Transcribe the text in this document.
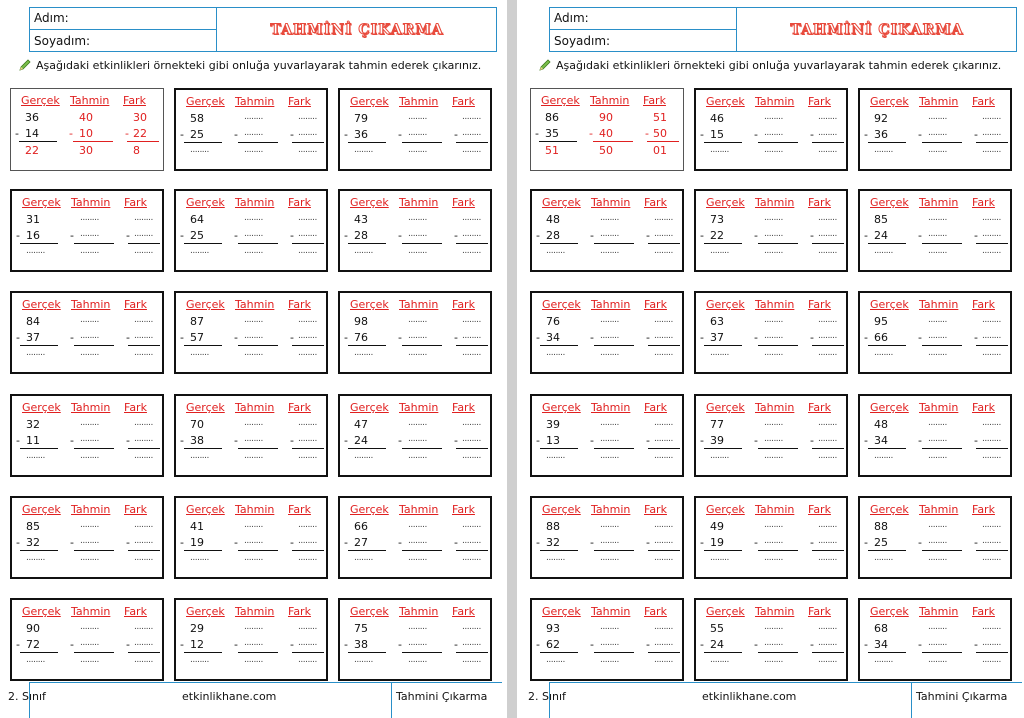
Adım:
Soyadım:
TAHMİNİ ÇIKARMA
Aşağıdaki etkinlikleri örnekteki gibi onluğa yuvarlayarak tahmin ederek çıkarınız.
Gerçek Tahmin Fark
36	40	30
- 14	- 10	- 22
22	30	8
Gerçek Tahmin Fark
58	........	........
- 25	- ........ - ........
........	........	........
Gerçek Tahmin Fark
79	........	........
- 36	- ........ - ........
........	........	........
Gerçek Tahmin Fark
31	........	........
- 16	- ........ - ........
........	........	........
Gerçek Tahmin Fark
64	........	........
- 25	- ........ - ........
........	........	........
Gerçek Tahmin Fark
43	........	........
- 28	- ........ - ........
........	........	........
Gerçek Tahmin Fark
84	........	........
- 37	- ........ - ........
........	........	........
Gerçek Tahmin Fark
87	........	........
- 57	- ........ - ........
........	........	........
Gerçek Tahmin Fark
98	........	........
- 76	- ........ - ........
........	........	........
Gerçek Tahmin Fark
32	........	........
- 11	- ........ - ........
........	........	........
Gerçek Tahmin Fark
70	........	........
- 38	- ........ - ........
........	........	........
Gerçek Tahmin Fark
47	........	........
- 24	- ........ - ........
........	........	........
Gerçek Tahmin Fark
85	........	........
- 32	- ........ - ........
........	........	........
Gerçek Tahmin Fark
41	........	........
- 19	- ........ - ........
........	........	........
Gerçek Tahmin Fark
66	........	........
- 27	- ........ - ........
........	........	........
Gerçek Tahmin Fark
90	........	........
- 72	- ........ - ........
........	........	........
Gerçek Tahmin Fark
29	........	........
- 12	- ........ - ........
........	........	........
Gerçek Tahmin Fark
75	........	........
- 38	- ........ - ........
........	........	........
2. Sınıf	etkinlikhane.com	Tahmini Çıkarma
Adım:
Soyadım:
TAHMİNİ ÇIKARMA
Aşağıdaki etkinlikleri örnekteki gibi onluğa yuvarlayarak tahmin ederek çıkarınız.
Gerçek Tahmin Fark
86	90	51
- 35	- 40	- 50
51	50	01
Gerçek Tahmin Fark
46	........	........
- 15	- ........ - ........
........	........	........
Gerçek Tahmin Fark
92	........	........
- 36	- ........ - ........
........	........	........
Gerçek Tahmin Fark
48	........	........
- 28	- ........ - ........
........	........	........
Gerçek Tahmin Fark
73	........	........
- 22	- ........ - ........
........	........	........
Gerçek Tahmin Fark
85	........	........
- 24	- ........ - ........
........	........	........
Gerçek Tahmin Fark
76	........	........
- 34	- ........ - ........
........	........	........
Gerçek Tahmin Fark
63	........	........
- 37	- ........ - ........
........	........	........
Gerçek Tahmin Fark
95	........	........
- 66	- ........ - ........
........	........	........
Gerçek Tahmin Fark
39	........	........
- 13	- ........ - ........
........	........	........
Gerçek Tahmin Fark
77	........	........
- 39	- ........ - ........
........	........	........
Gerçek Tahmin Fark
48	........	........
- 34	- ........ - ........
........	........	........
Gerçek Tahmin Fark
88	........	........
- 32	- ........ - ........
........	........	........
Gerçek Tahmin Fark
49	........	........
- 19	- ........ - ........
........	........	........
Gerçek Tahmin Fark
88	........	........
- 25	- ........ - ........
........	........	........
Gerçek Tahmin Fark
93	........	........
- 62	- ........ - ........
........	........	........
Gerçek Tahmin Fark
55	........	........
- 24	- ........ - ........
........	........	........
Gerçek Tahmin Fark
68	........	........
- 34	- ........ - ........
........	........	........
2. Sınıf	etkinlikhane.com	Tahmini Çıkarma
